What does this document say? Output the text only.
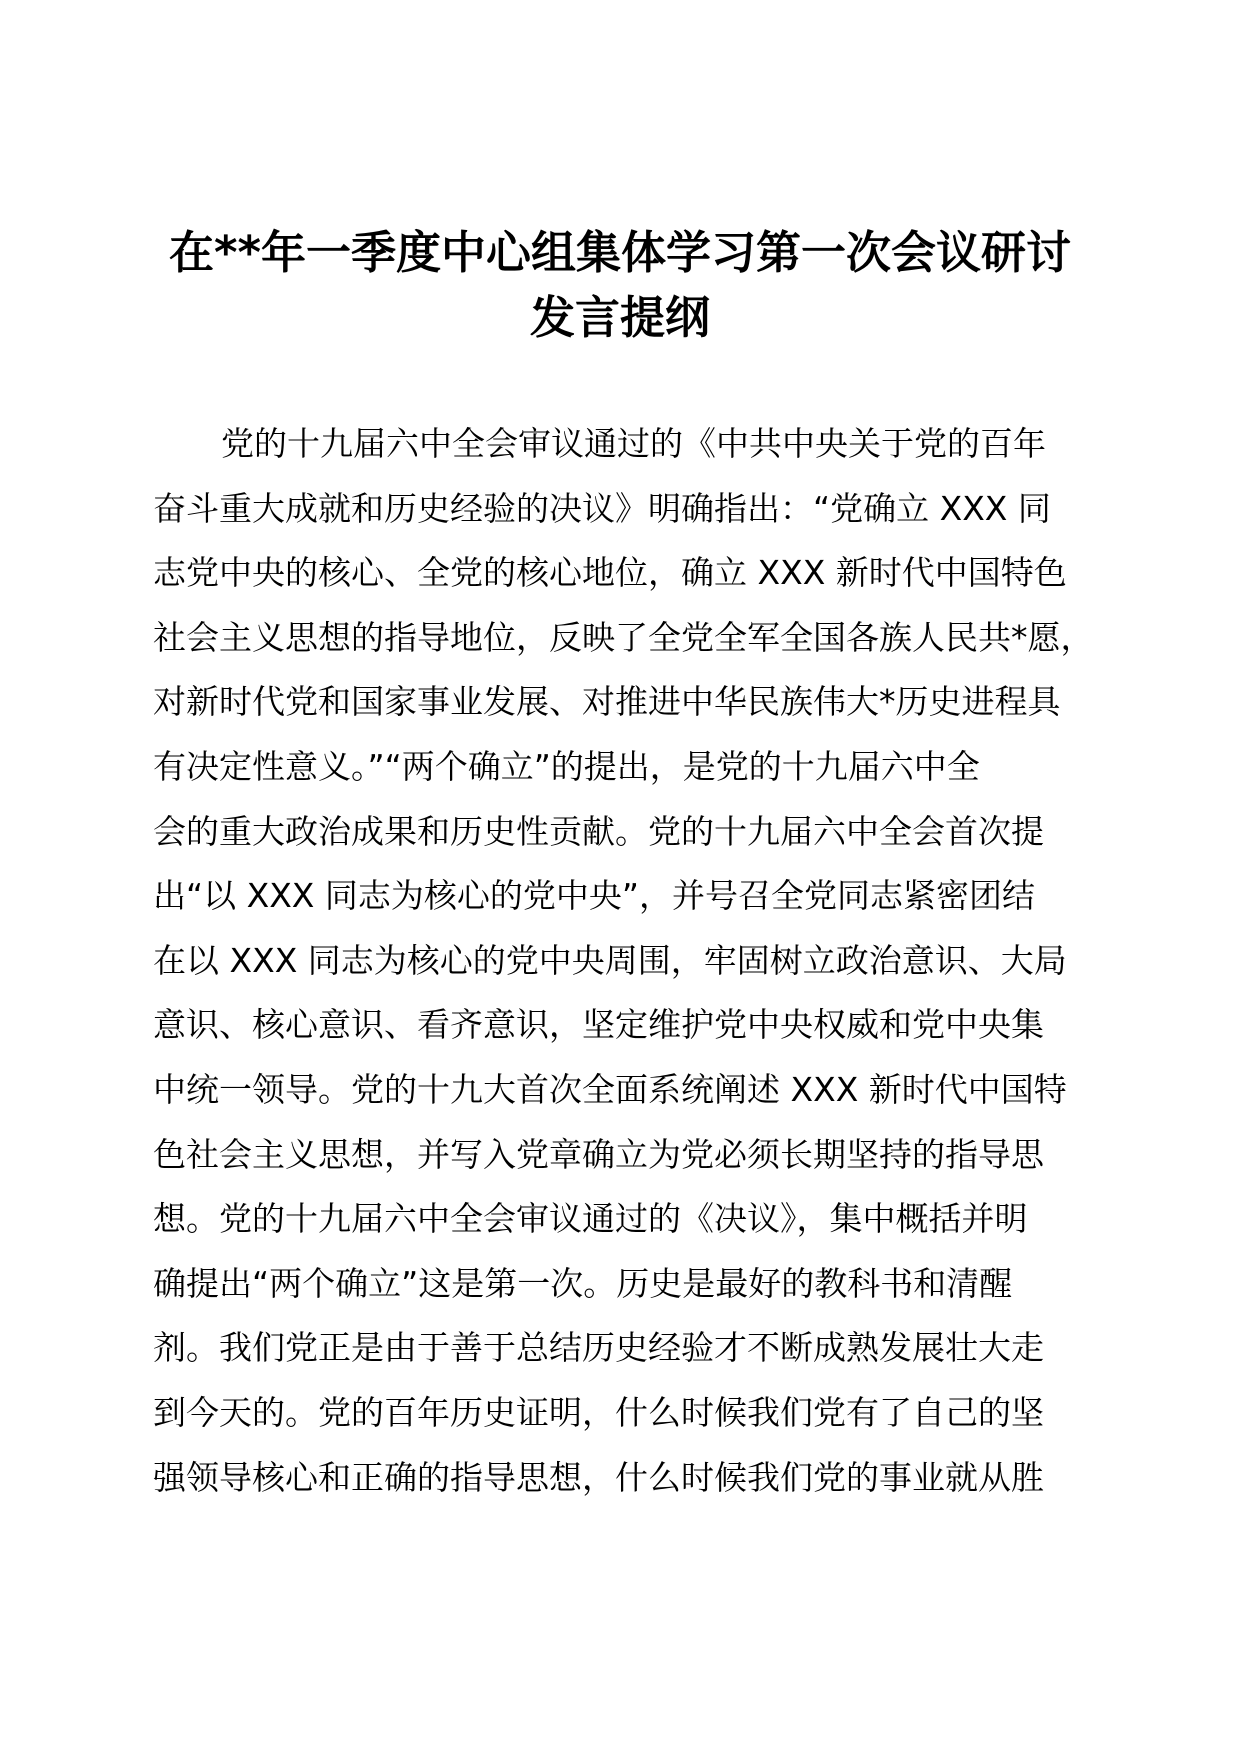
在**年一季度中心组集体学习第一次会议研讨
发言提纲
党的十九届六中全会审议通过的《中共中央关于党的百年
奋斗重大成就和历史经验的决议》明确指出：“党确立 XXX 同
志党中央的核心、全党的核心地位，确立 XXX 新时代中国特色
社会主义思想的指导地位，反映了全党全军全国各族人民共*愿，
对新时代党和国家事业发展、对推进中华民族伟大*历史进程具
有决定性意义。”“两个确立”的提出，是党的十九届六中全
会的重大政治成果和历史性贡献。党的十九届六中全会首次提
出“以 XXX 同志为核心的党中央”，并号召全党同志紧密团结
在以 XXX 同志为核心的党中央周围，牢固树立政治意识、大局
意识、核心意识、看齐意识，坚定维护党中央权威和党中央集
中统一领导。党的十九大首次全面系统阐述 XXX 新时代中国特
色社会主义思想，并写入党章确立为党必须长期坚持的指导思
想。党的十九届六中全会审议通过的《决议》，集中概括并明
确提出“两个确立”这是第一次。历史是最好的教科书和清醒
剂。我们党正是由于善于总结历史经验才不断成熟发展壮大走
到今天的。党的百年历史证明，什么时候我们党有了自己的坚
强领导核心和正确的指导思想，什么时候我们党的事业就从胜
